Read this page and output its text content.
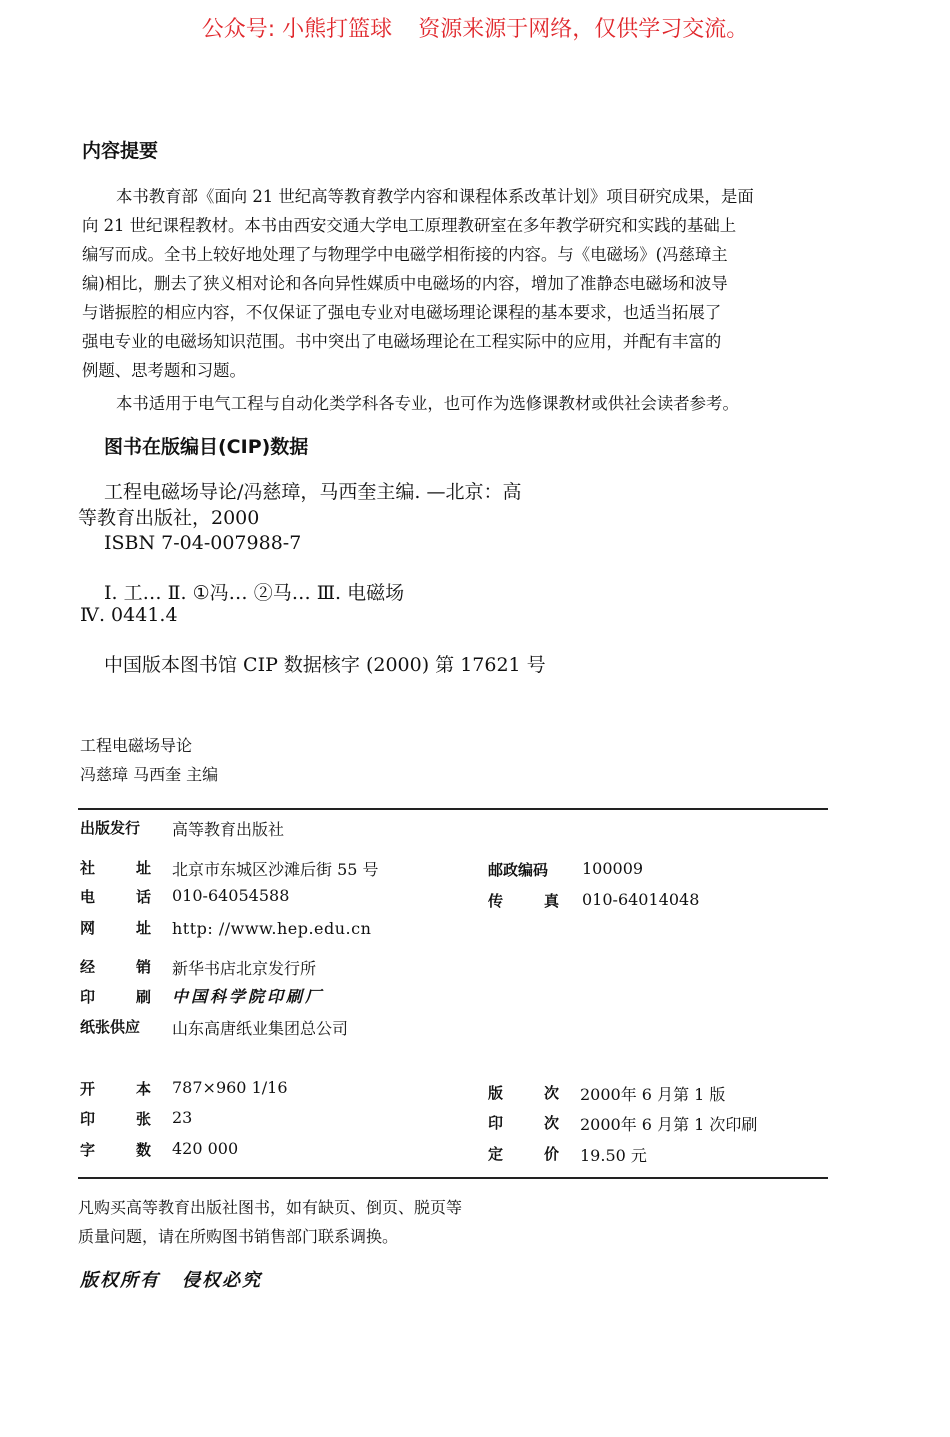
公众号: 小熊打篮球 资源来源于网络，仅供学习交流。
内容提要
本书教育部《面向 21 世纪高等教育教学内容和课程体系改革计划》项目研究成果，是面
向 21 世纪课程教材。本书由西安交通大学电工原理教研室在多年教学研究和实践的基础上
编写而成。全书上较好地处理了与物理学中电磁学相衔接的内容。与《电磁场》(冯慈璋主
编)相比，删去了狭义相对论和各向异性媒质中电磁场的内容，增加了准静态电磁场和波导
与谐振腔的相应内容，不仅保证了强电专业对电磁场理论课程的基本要求，也适当拓展了
强电专业的电磁场知识范围。书中突出了电磁场理论在工程实际中的应用，并配有丰富的
例题、思考题和习题。
本书适用于电气工程与自动化类学科各专业，也可作为选修课教材或供社会读者参考。
图书在版编目(CIP)数据
工程电磁场导论/冯慈璋，马西奎主编. —北京：高
等教育出版社，2000
ISBN 7-04-007988-7
Ⅰ. 工… Ⅱ. ①冯… ②马… Ⅲ. 电磁场
Ⅳ. 0441.4
中国版本图书馆 CIP 数据核字 (2000) 第 17621 号
工程电磁场导论
冯慈璋 马西奎 主编
出版发行 高等教育出版社
社	址 北京市东城区沙滩后街 55 号	邮政编码 100009
电	话 010-64054588	传	真 010-64014048
网	址 http: //www.hep.edu.cn
经	销 新华书店北京发行所
印	刷 中国科学院印刷厂
纸张供应 山东高唐纸业集团总公司
开	本 787×960 1/16	版	次 2000年 6 月第 1 版
印	张 23	印	次 2000年 6 月第 1 次印刷
字	数 420 000	定	价 19.50 元
凡购买高等教育出版社图书，如有缺页、倒页、脱页等
质量问题，请在所购图书销售部门联系调换。
版权所有 侵权必究
